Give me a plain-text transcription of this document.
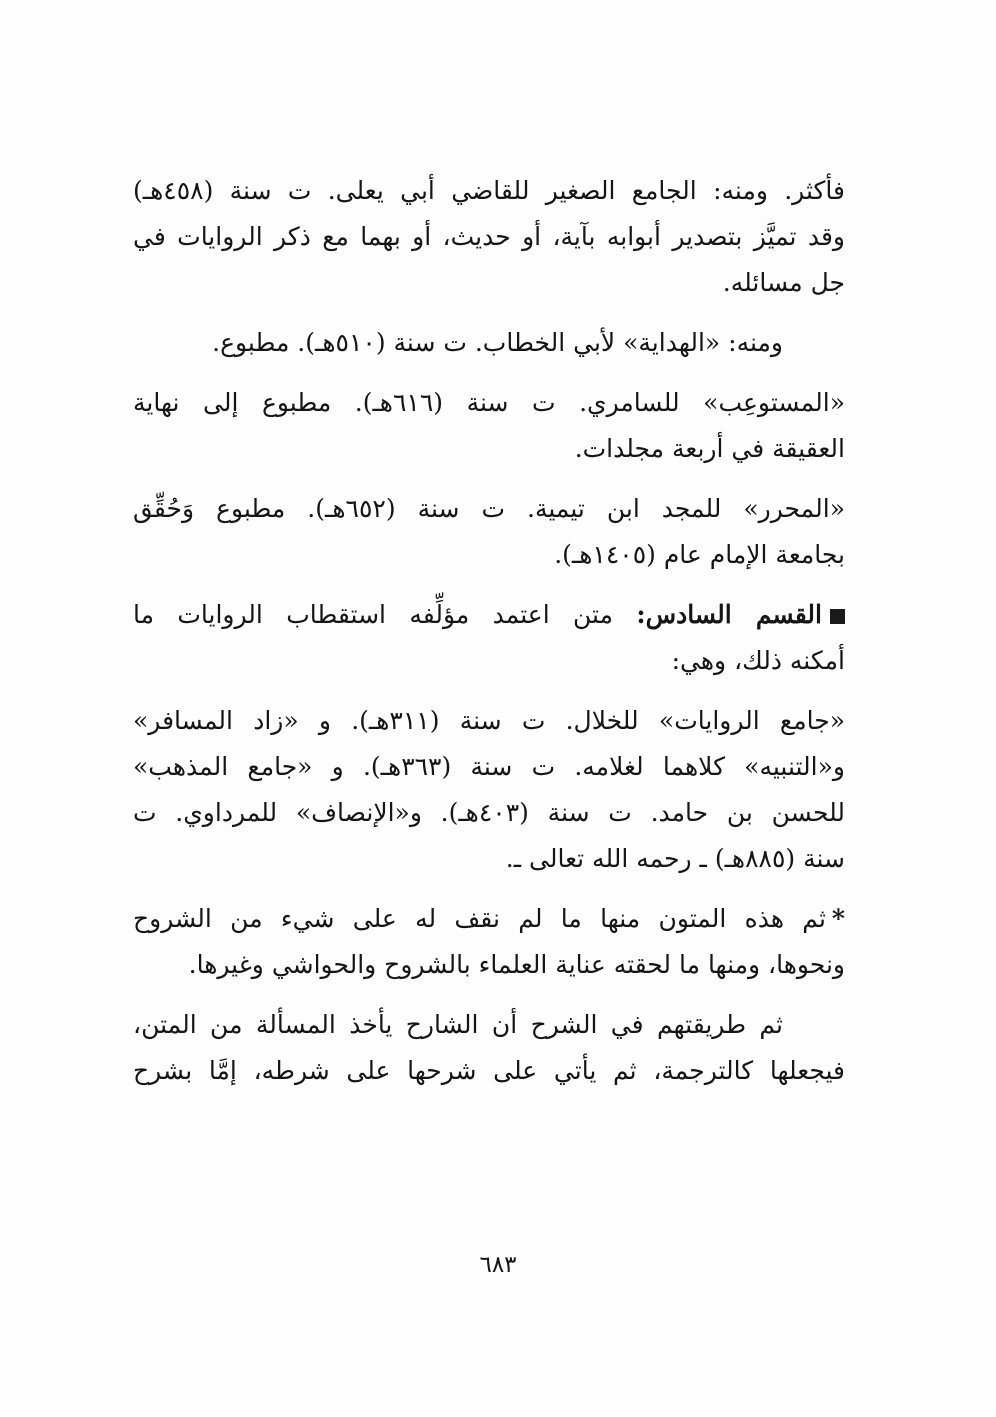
فأكثر. ومنه: الجامع الصغير للقاضي أبي يعلى. ت سنة (٤٥٨هـ)
وقد تميَّز بتصدير أبوابه بآية، أو حديث، أو بهما مع ذكر الروايات في
جل مسائله.
ومنه: «الهداية» لأبي الخطاب. ت سنة (٥١٠هـ). مطبوع.
«المستوعِب» للسامري. ت سنة (٦١٦هـ). مطبوع إلى نهاية
العقيقة في أربعة مجلدات.
«المحرر» للمجد ابن تيمية. ت سنة (٦٥٢هـ). مطبوع وَحُقِّق
بجامعة الإمام عام (١٤٠٥هـ).
القسم السادس: متن اعتمد مؤلِّفه استقطاب الروايات ما
أمكنه ذلك، وهي:
«جامع الروايات» للخلال. ت سنة (٣١١هـ). و «زاد المسافر»
و«التنبيه» كلاهما لغلامه. ت سنة (٣٦٣هـ). و «جامع المذهب»
للحسن بن حامد. ت سنة (٤٠٣هـ). و«الإنصاف» للمرداوي. ت
سنة (٨٨٥هـ) ـ رحمه الله تعالى ـ.
*ثم هذه المتون منها ما لم نقف له على شيء من الشروح
ونحوها، ومنها ما لحقته عناية العلماء بالشروح والحواشي وغيرها.
ثم طريقتهم في الشرح أن الشارح يأخذ المسألة من المتن،
فيجعلها كالترجمة، ثم يأتي على شرحها على شرطه، إمَّا بشرح
٦٨٣
